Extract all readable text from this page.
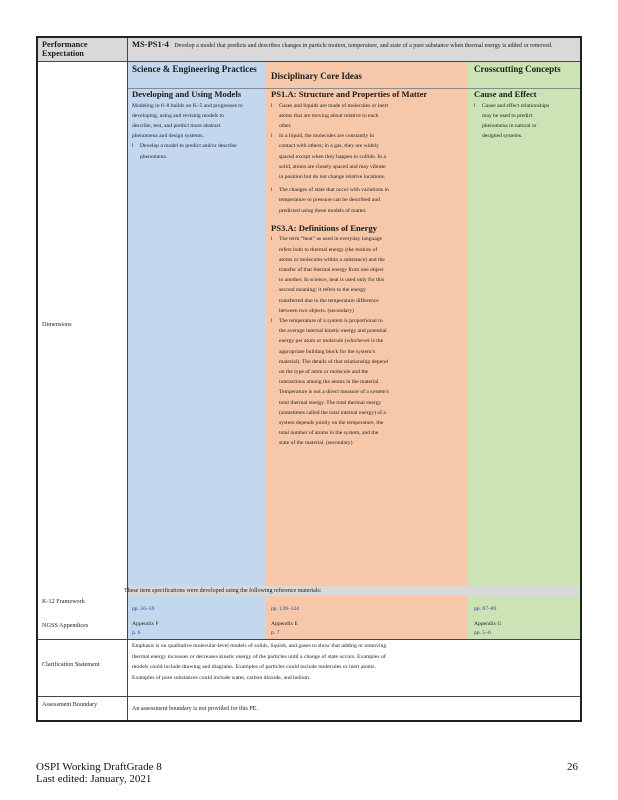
Performance Expectation
MS-PS1-4 Develop a model that predicts and describes changes in particle motion, temperature, and state of a pure substance when thermal energy is added or removed.
Science & Engineering Practices
Disciplinary Core Ideas
Crosscutting Concepts
Dimensions
Developing and Using Models
Modeling in 6–8 builds on K–5 and progresses to developing, using and revising models to describe, test, and predict more abstract phenomena and design systems.
l Develop a model to predict and/or describe phenomena.
PS1.A: Structure and Properties of Matter
l Gases and liquids are made of molecules or inert atoms that are moving about relative to each other.
l In a liquid, the molecules are constantly in contact with others; in a gas, they are widely spaced except when they happen to collide. In a solid, atoms are closely spaced and may vibrate in position but do not change relative locations.
l The changes of state that occur with variations in temperature or pressure can be described and predicted using these models of matter.
PS3.A: Definitions of Energy
l The term “heat” as used in everyday language refers both to thermal energy (the motion of atoms or molecules within a substance) and the transfer of that thermal energy from one object to another. In science, heat is used only for this second meaning; it refers to the energy transferred due to the temperature difference between two objects. (secondary)
l The temperature of a system is proportional to the average internal kinetic energy and potential energy per atom or molecule (whichever is the appropriate building block for the system’s material). The details of that relationship depend on the type of atom or molecule and the interactions among the atoms in the material. Temperature is not a direct measure of a system's total thermal energy. The total thermal energy (sometimes called the total internal energy) of a system depends jointly on the temperature, the total number of atoms in the system, and the state of the material. (secondary)
Cause and Effect
l Cause and effect relationships may be used to predict phenomena in natural or designed systems.
These item specifications were developed using the following reference materials:
K-12 Framework
NGSS Appendices
pp. 56–59	pp. 120–124	pp. 87–89
Appendix F
p. 6
Appendix E
p. 7
Appendix G
pp. 5–6
Clarification Statement
Emphasis is on qualitative molecular-level models of solids, liquids, and gases to show that adding or removing thermal energy increases or decreases kinetic energy of the particles until a change of state occurs. Examples of models could include drawing and diagrams. Examples of particles could include molecules or inert atoms. Examples of pure substances could include water, carbon dioxide, and helium.
Assessment Boundary
An assessment boundary is not provided for this PE.
OSPI Working DraftGrade 8
Last edited: January, 2021
26
